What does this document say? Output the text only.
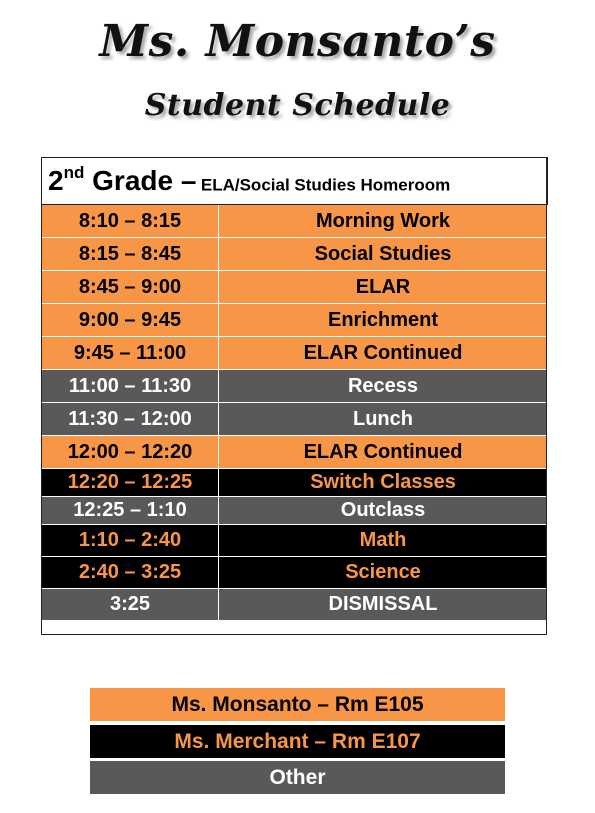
Ms. Monsanto’s
Student Schedule
2nd Grade – ELA/Social Studies Homeroom	
8:10 – 8:15	Morning Work
8:15 – 8:45	Social Studies
8:45 – 9:00	ELAR
9:00 – 9:45	Enrichment
9:45 – 11:00	ELAR Continued
11:00 – 11:30	Recess
11:30 – 12:00	Lunch
12:00 – 12:20	ELAR Continued
12:20 – 12:25	Switch Classes
12:25 – 1:10	Outclass
1:10 – 2:40	Math
2:40 – 3:25	Science
3:25	DISMISSAL
Ms. Monsanto – Rm E105
Ms. Merchant – Rm E107
Other
